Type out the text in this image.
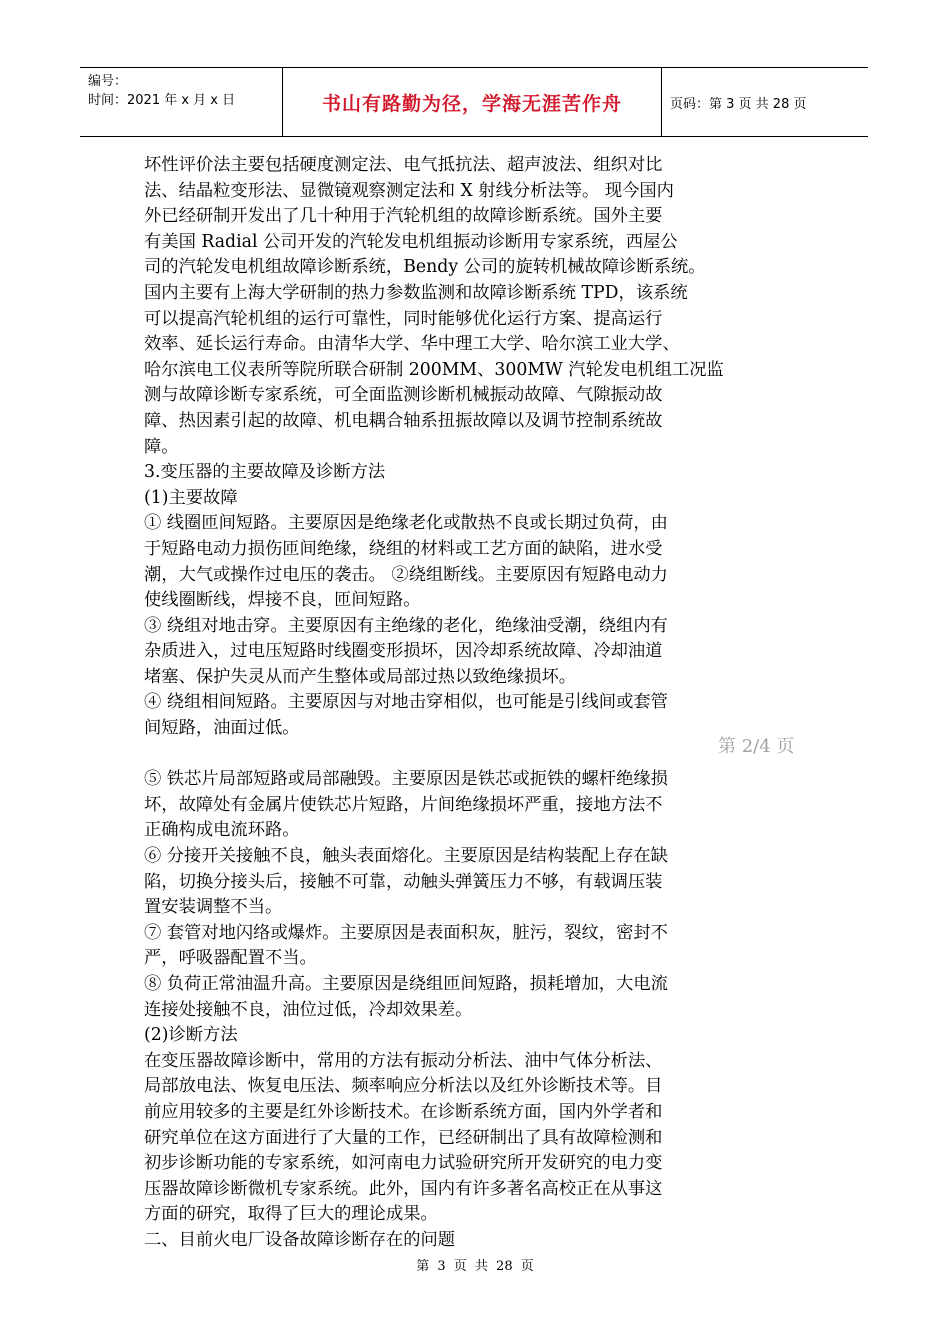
编号：
时间：2021 年 x 月 x 日	书山有路勤为径，学海无涯苦作舟	页码：第 3 页 共 28 页
坏性评价法主要包括硬度测定法、电气抵抗法、超声波法、组织对比
法、结晶粒变形法、显微镜观察测定法和 X 射线分析法等。 现今国内
外已经研制开发出了几十种用于汽轮机组的故障诊断系统。国外主要
有美国 Radial 公司开发的汽轮发电机组振动诊断用专家系统，西屋公
司的汽轮发电机组故障诊断系统，Bendy 公司的旋转机械故障诊断系统。
国内主要有上海大学研制的热力参数监测和故障诊断系统 TPD，该系统
可以提高汽轮机组的运行可靠性，同时能够优化运行方案、提高运行
效率、延长运行寿命。由清华大学、华中理工大学、哈尔滨工业大学、
哈尔滨电工仪表所等院所联合研制 200MM、300MW 汽轮发电机组工况监
测与故障诊断专家系统，可全面监测诊断机械振动故障、气隙振动故
障、热因素引起的故障、机电耦合轴系扭振故障以及调节控制系统故
障。
3.变压器的主要故障及诊断方法
(1)主要故障
① 线圈匝间短路。主要原因是绝缘老化或散热不良或长期过负荷，由
于短路电动力损伤匝间绝缘，绕组的材料或工艺方面的缺陷，进水受
潮，大气或操作过电压的袭击。 ②绕组断线。主要原因有短路电动力
使线圈断线，焊接不良，匝间短路。
③ 绕组对地击穿。主要原因有主绝缘的老化，绝缘油受潮，绕组内有
杂质进入，过电压短路时线圈变形损坏，因冷却系统故障、冷却油道
堵塞、保护失灵从而产生整体或局部过热以致绝缘损坏。
④ 绕组相间短路。主要原因与对地击穿相似，也可能是引线间或套管
间短路，油面过低。
⑤ 铁芯片局部短路或局部融毁。主要原因是铁芯或扼铁的螺杆绝缘损
坏，故障处有金属片使铁芯片短路，片间绝缘损坏严重，接地方法不
正确构成电流环路。
⑥ 分接开关接触不良，触头表面熔化。主要原因是结构装配上存在缺
陷，切换分接头后，接触不可靠，动触头弹簧压力不够，有载调压装
置安装调整不当。
⑦ 套管对地闪络或爆炸。主要原因是表面积灰，脏污，裂纹，密封不
严，呼吸器配置不当。
⑧ 负荷正常油温升高。主要原因是绕组匝间短路，损耗增加，大电流
连接处接触不良，油位过低，冷却效果差。
(2)诊断方法
在变压器故障诊断中，常用的方法有振动分析法、油中气体分析法、
局部放电法、恢复电压法、频率响应分析法以及红外诊断技术等。目
前应用较多的主要是红外诊断技术。在诊断系统方面，国内外学者和
研究单位在这方面进行了大量的工作，已经研制出了具有故障检测和
初步诊断功能的专家系统，如河南电力试验研究所开发研究的电力变
压器故障诊断微机专家系统。此外，国内有许多著名高校正在从事这
方面的研究，取得了巨大的理论成果。
二、目前火电厂设备故障诊断存在的问题
第 2/4 页
第 3 页 共 28 页
